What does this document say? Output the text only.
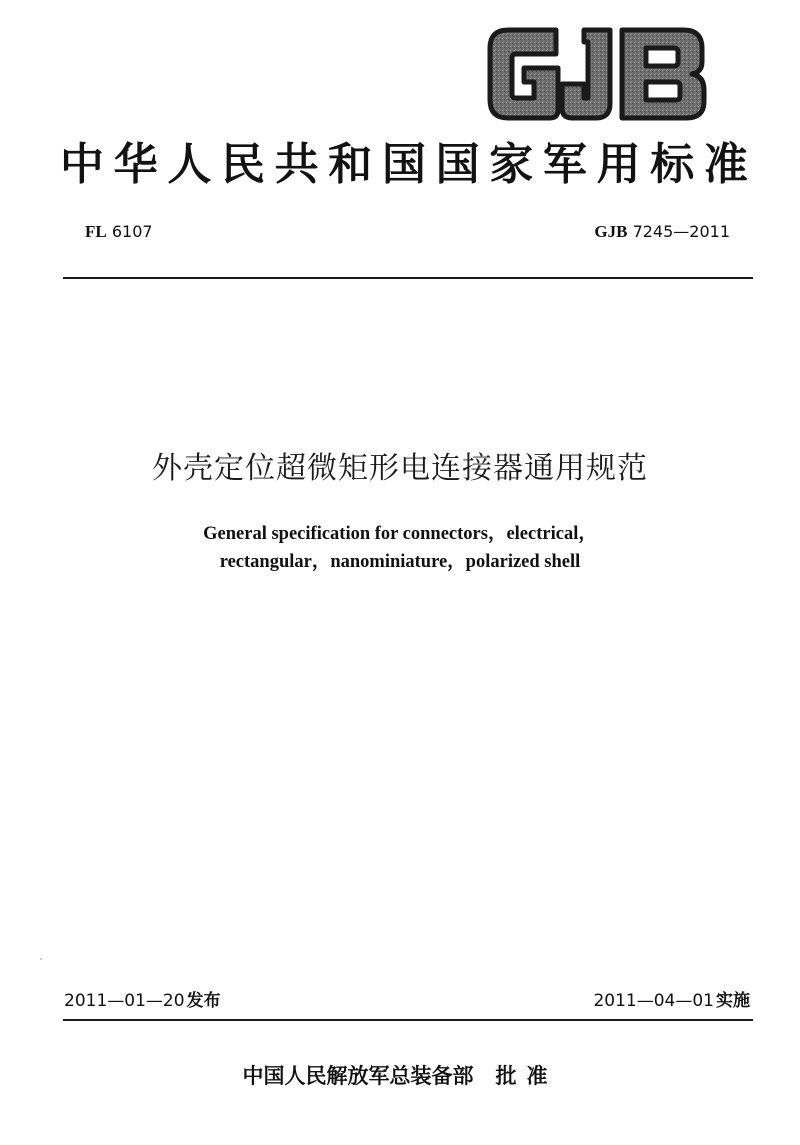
中 华 人 民 共 和 国 国 家 军 用 标 准
FL 6107	GJB 7245—2011
外壳定位超微矩形电连接器通用规范
General specification for connectors，electrical，
rectangular，nanominiature，polarized shell
2011—01—20 发布	2011—04—01 实施
中国人民解放军总装备部 批准
